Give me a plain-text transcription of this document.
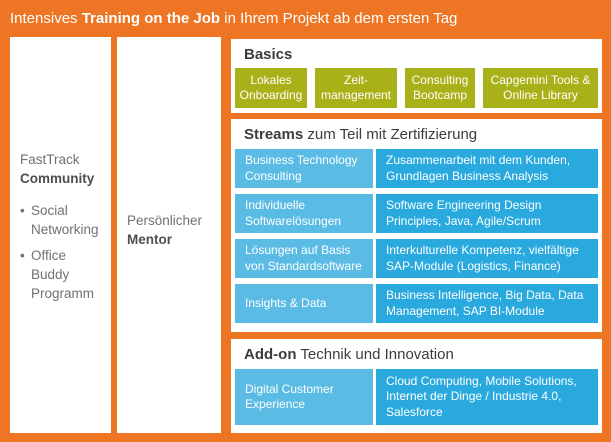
Intensives Training on the Job in Ihrem Projekt ab dem ersten Tag
FastTrack
Community
• Social Networking
• Office Buddy Programm
Persönlicher
Mentor
Basics
Lokales Onboarding
Zeit-management
Consulting Bootcamp
Capgemini Tools & Online Library
Streams zum Teil mit Zertifizierung
Business Technology Consulting
Zusammenarbeit mit dem Kunden, Grundlagen Business Analysis
Individuelle Softwarelösungen
Software Engineering Design Principles, Java, Agile/Scrum
Lösungen auf Basis von Standardsoftware
Interkulturelle Kompetenz, vielfältige SAP-Module (Logistics, Finance)
Insights & Data
Business Intelligence, Big Data, Data Management, SAP BI-Module
Add-on Technik und Innovation
Digital Customer Experience
Cloud Computing, Mobile Solutions, Internet der Dinge / Industrie 4.0, Salesforce
